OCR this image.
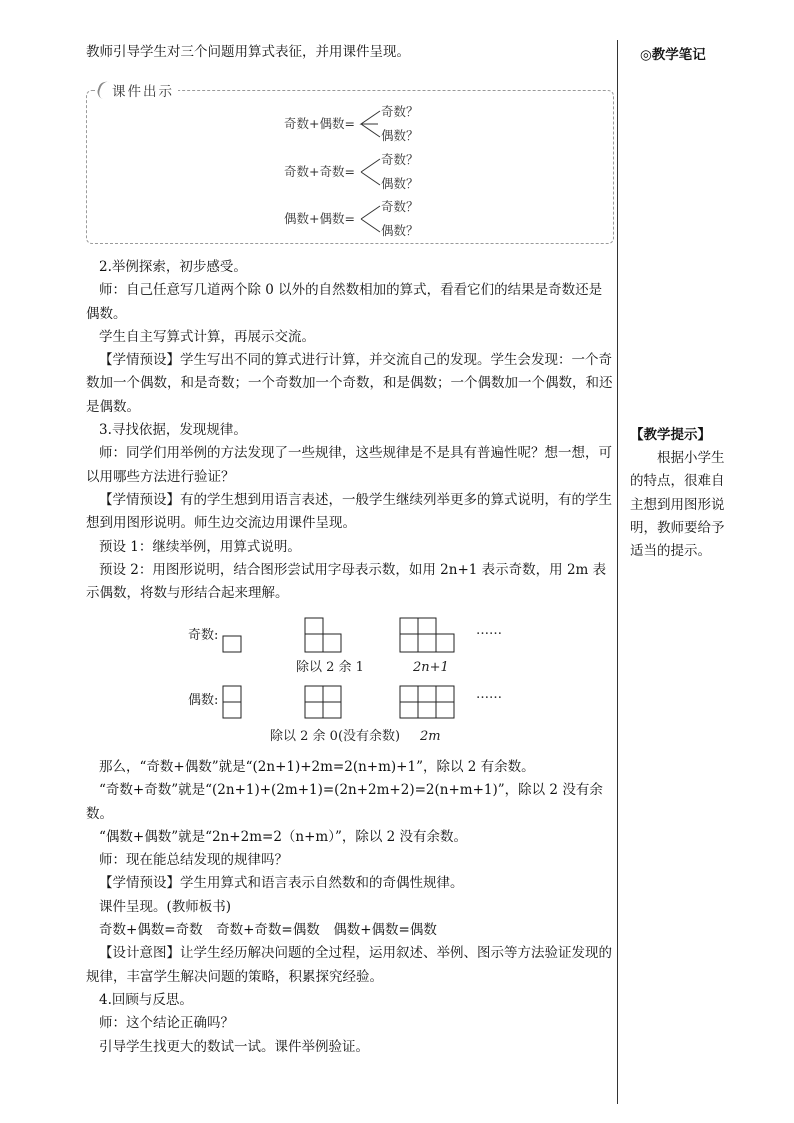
教师引导学生对三个问题用算式表征，并用课件呈现。
课件出示
奇数+偶数=
奇数？
偶数？
奇数+奇数=
奇数？
偶数？
偶数+偶数=
奇数？
偶数？

2.举例探索，初步感受。

师：自己任意写几道两个除 0 以外的自然数相加的算式，看看它们的结果是奇数还是偶数。

学生自主写算式计算，再展示交流。

【学情预设】学生写出不同的算式进行计算，并交流自己的发现。学生会发现：一个奇数加一个偶数，和是奇数；一个奇数加一个奇数，和是偶数；一个偶数加一个偶数，和还是偶数。

3.寻找依据，发现规律。

师：同学们用举例的方法发现了一些规律，这些规律是不是具有普遍性呢？想一想，可以用哪些方法进行验证？

【学情预设】有的学生想到用语言表述，一般学生继续列举更多的算式说明，有的学生想到用图形说明。师生边交流边用课件呈现。

预设 1：继续举例，用算式说明。

预设 2：用图形说明，结合图形尝试用字母表示数，如用 2n+1 表示奇数，用 2m 表示偶数，将数与形结合起来理解。

奇数:	……
除以 2 余 1	2n+1
偶数:	……
除以 2 余 0(没有余数) 2m

那么，“奇数+偶数”就是“(2n+1)+2m=2(n+m)+1”，除以 2 有余数。

“奇数+奇数”就是“(2n+1)+(2m+1)=(2n+2m+2)=2(n+m+1)”，除以 2 没有余数。

“偶数+偶数”就是“2n+2m=2（n+m）”，除以 2 没有余数。

师：现在能总结发现的规律吗？

【学情预设】学生用算式和语言表示自然数和的奇偶性规律。

课件呈现。(教师板书)

奇数+偶数=奇数　奇数+奇数=偶数　偶数+偶数=偶数

【设计意图】让学生经历解决问题的全过程，运用叙述、举例、图示等方法验证发现的规律，丰富学生解决问题的策略，积累探究经验。

4.回顾与反思。

师：这个结论正确吗？

引导学生找更大的数试一试。课件举例验证。

◎教学笔记
【教学提示】
根据小学生的特点，很难自主想到用图形说明，教师要给予适当的提示。
